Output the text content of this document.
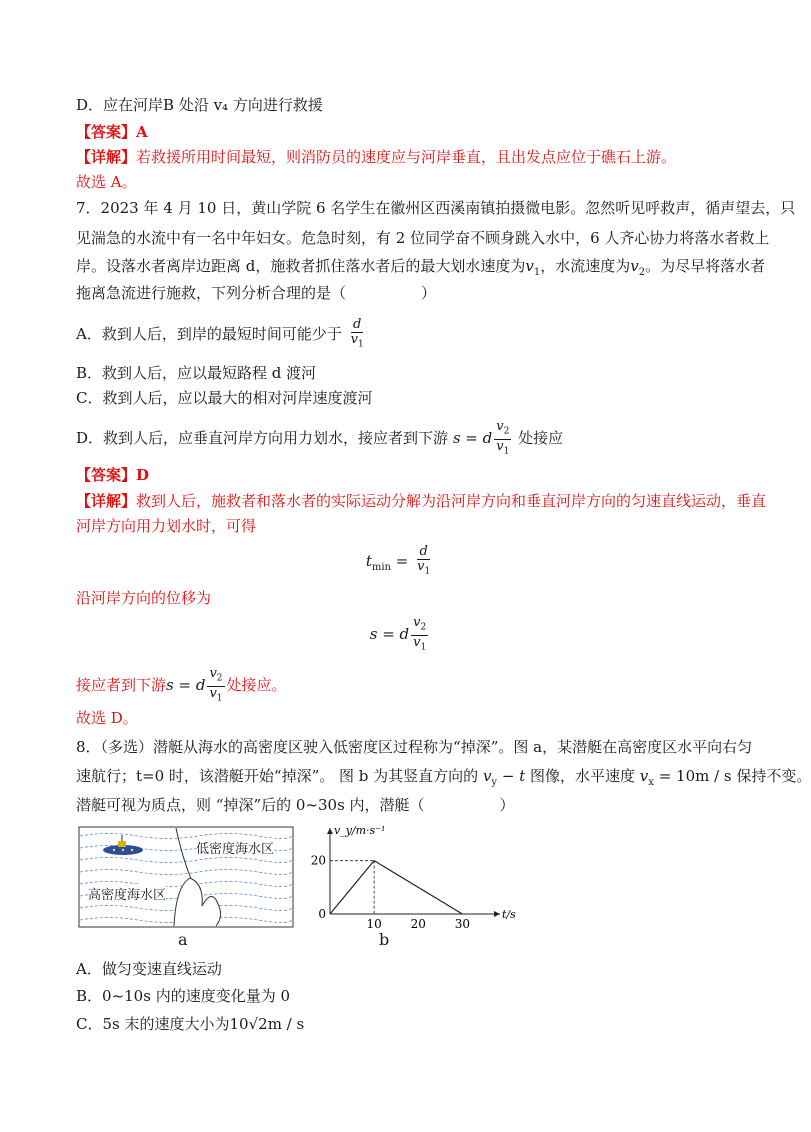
D．应在河岸B 处沿 v₄ 方向进行救援
【答案】A
【详解】若救援所用时间最短，则消防员的速度应与河岸垂直，且出发点应位于礁石上游。
故选 A。
7．2023 年 4 月 10 日，黄山学院 6 名学生在徽州区西溪南镇拍摄微电影。忽然听见呼救声，循声望去，只
见湍急的水流中有一名中年妇女。危急时刻，有 2 位同学奋不顾身跳入水中，6 人齐心协力将落水者救上
岸。设落水者离岸边距离 d，施救者抓住落水者后的最大划水速度为$v_1$，水流速度为$v_2$。为尽早将落水者
拖离急流进行施救，下列分析合理的是（　　　　　）
A．救到人后，到岸的最短时间可能少于 $\frac{d}{v_1}$
B．救到人后，应以最短路程 d 渡河
C．救到人后，应以最大的相对河岸速度渡河
D．救到人后，应垂直河岸方向用力划水，接应者到下游 s = d $\frac{v_2}{v_1}$ 处接应
【答案】D
【详解】救到人后，施救者和落水者的实际运动分解为沿河岸方向和垂直河岸方向的匀速直线运动，垂直
河岸方向用力划水时，可得
$t_{min} = \frac{d}{v_1}$
沿河岸方向的位移为
s = d $\frac{v_2}{v_1}$
接应者到下游s = d $\frac{v_2}{v_1}$ 处接应。
故选 D。
8．（多选）潜艇从海水的高密度区驶入低密度区过程称为“掉深”。图 a，某潜艇在高密度区水平向右匀
速航行；t=0 时，该潜艇开始“掉深”。 图 b 为其竖直方向的 $v_y - t$ 图像，水平速度 $v_x = 10m / s$ 保持不变。
潜艇可视为质点，则 “掉深”后的 0~30s 内，潜艇（　　　　　）
低密度海水区
高密度海水区
a
10 20 30
20
0	t/s
v_y/m·s⁻¹
b
A．做匀变速直线运动
B．0~10s 内的速度变化量为 0
C．5s 末的速度大小为10√2m / s
